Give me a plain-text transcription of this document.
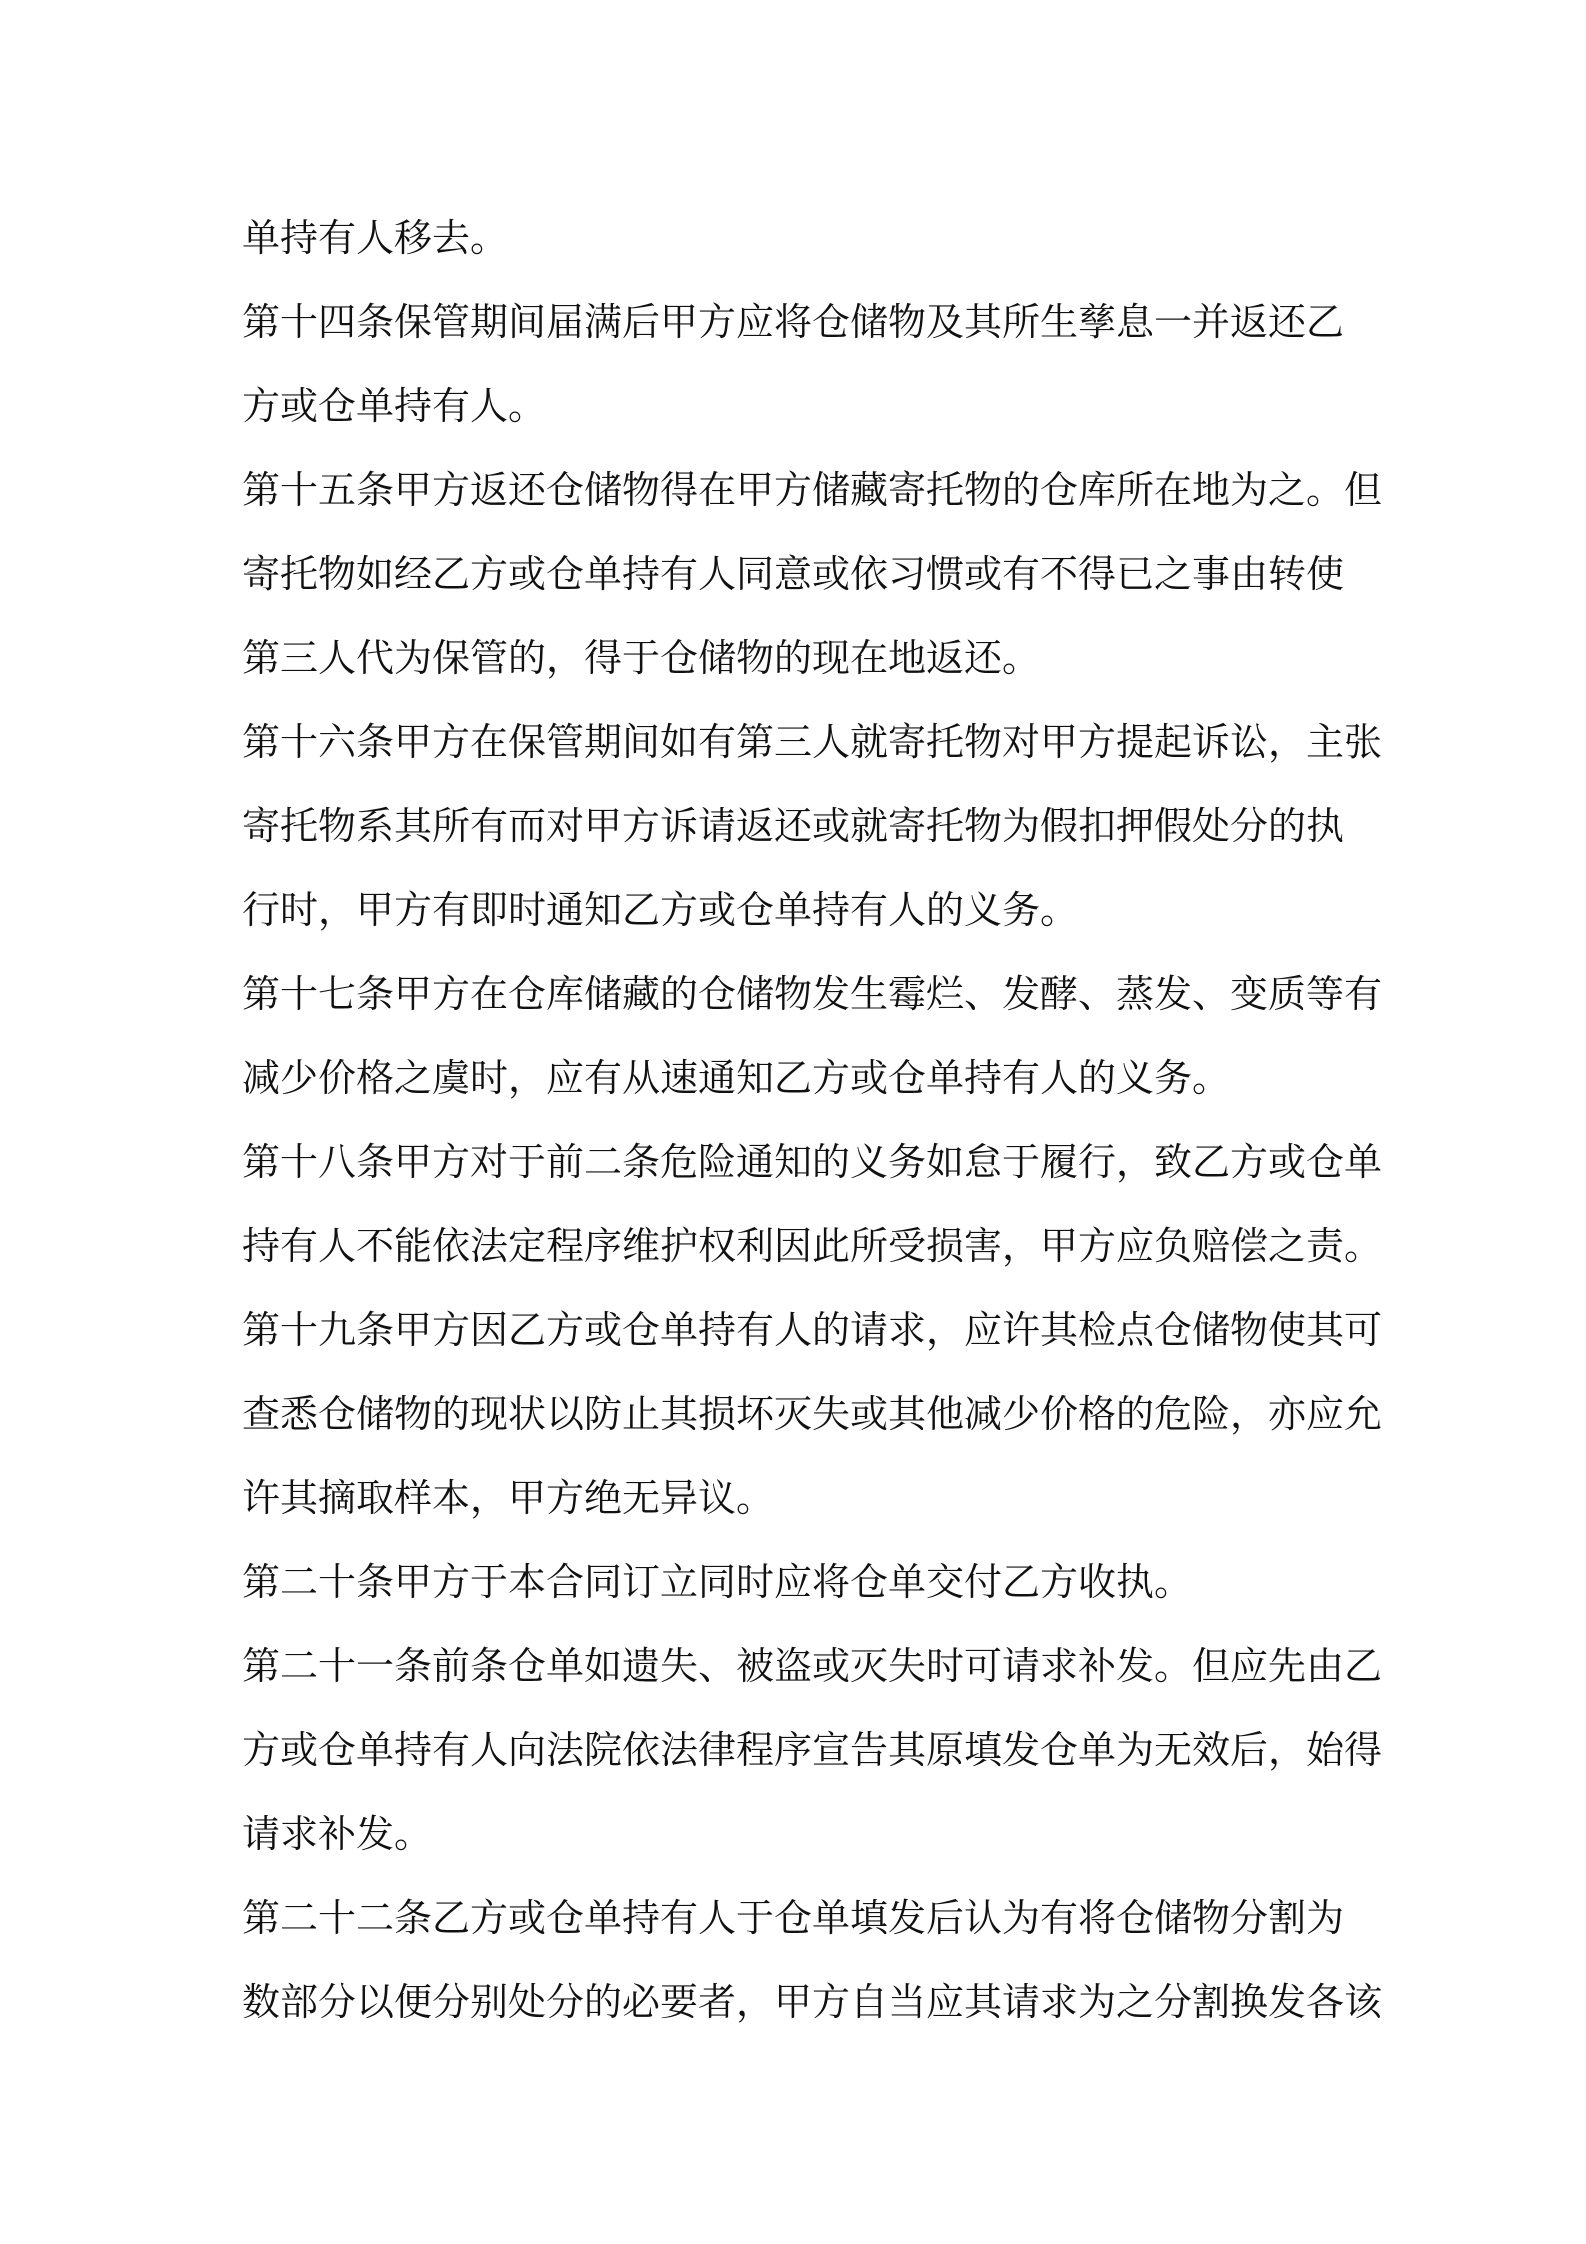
单持有人移去。
第十四条保管期间届满后甲方应将仓储物及其所生孳息一并返还乙
方或仓单持有人。
第十五条甲方返还仓储物得在甲方储藏寄托物的仓库所在地为之。但
寄托物如经乙方或仓单持有人同意或依习惯或有不得已之事由转使
第三人代为保管的，得于仓储物的现在地返还。
第十六条甲方在保管期间如有第三人就寄托物对甲方提起诉讼，主张
寄托物系其所有而对甲方诉请返还或就寄托物为假扣押假处分的执
行时，甲方有即时通知乙方或仓单持有人的义务。
第十七条甲方在仓库储藏的仓储物发生霉烂、发酵、蒸发、变质等有
减少价格之虞时，应有从速通知乙方或仓单持有人的义务。
第十八条甲方对于前二条危险通知的义务如怠于履行，致乙方或仓单
持有人不能依法定程序维护权利因此所受损害，甲方应负赔偿之责。
第十九条甲方因乙方或仓单持有人的请求，应许其检点仓储物使其可
查悉仓储物的现状以防止其损坏灭失或其他减少价格的危险，亦应允
许其摘取样本，甲方绝无异议。
第二十条甲方于本合同订立同时应将仓单交付乙方收执。
第二十一条前条仓单如遗失、被盗或灭失时可请求补发。但应先由乙
方或仓单持有人向法院依法律程序宣告其原填发仓单为无效后，始得
请求补发。
第二十二条乙方或仓单持有人于仓单填发后认为有将仓储物分割为
数部分以便分别处分的必要者，甲方自当应其请求为之分割换发各该
